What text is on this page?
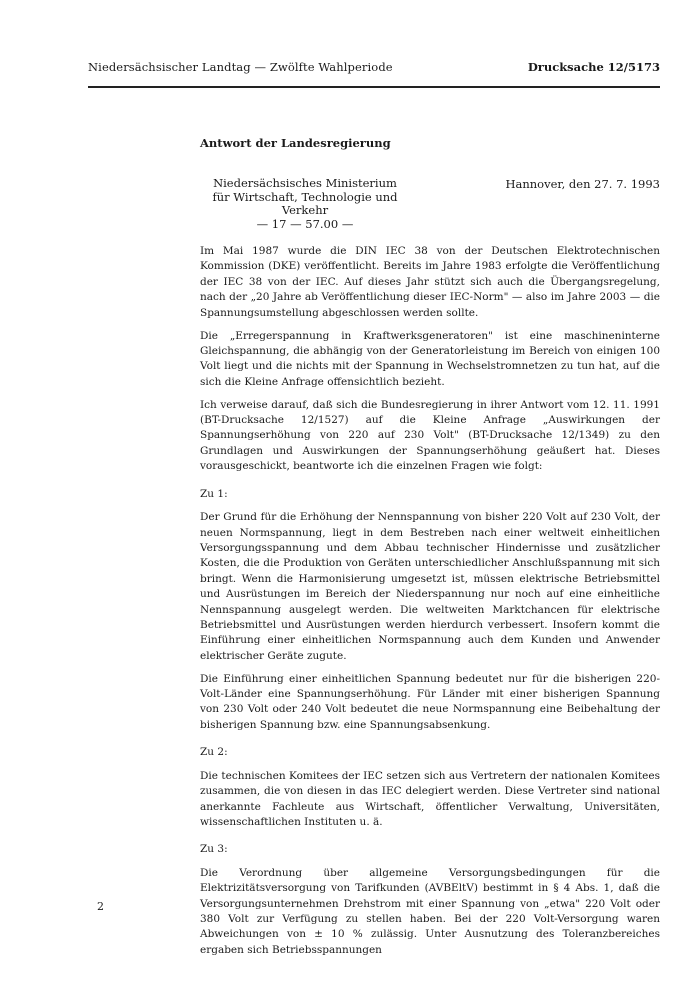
Niedersächsischer Landtag — Zwölfte Wahlperiode	Drucksache 12/5173
Antwort der Landesregierung
Niedersächsisches Ministerium
für Wirtschaft, Technologie und Verkehr
— 17 — 57.00 —
Hannover, den 27. 7. 1993

Im Mai 1987 wurde die DIN IEC 38 von der Deutschen Elektrotechnischen Kommission (DKE) veröffentlicht. Bereits im Jahre 1983 erfolgte die Veröffentlichung der IEC 38 von der IEC. Auf dieses Jahr stützt sich auch die Übergangsregelung, nach der „20 Jahre ab Veröffentlichung dieser IEC-Norm" — also im Jahre 2003 — die Spannungsumstellung abgeschlossen werden sollte.

Die „Erregerspannung in Kraftwerksgeneratoren" ist eine maschineninterne Gleichspannung, die abhängig von der Generatorleistung im Bereich von einigen 100 Volt liegt und die nichts mit der Spannung in Wechselstromnetzen zu tun hat, auf die sich die Kleine Anfrage offensichtlich bezieht.

Ich verweise darauf, daß sich die Bundesregierung in ihrer Antwort vom 12. 11. 1991 (BT-Drucksache 12/1527) auf die Kleine Anfrage „Auswirkungen der Spannungserhöhung von 220 auf 230 Volt" (BT-Drucksache 12/1349) zu den Grundlagen und Auswirkungen der Spannungserhöhung geäußert hat. Dieses vorausgeschickt, beantworte ich die einzelnen Fragen wie folgt:

Zu 1:

Der Grund für die Erhöhung der Nennspannung von bisher 220 Volt auf 230 Volt, der neuen Normspannung, liegt in dem Bestreben nach einer weltweit einheitlichen Versorgungsspannung und dem Abbau technischer Hindernisse und zusätzlicher Kosten, die die Produktion von Geräten unterschiedlicher Anschlußspannung mit sich bringt. Wenn die Harmonisierung umgesetzt ist, müssen elektrische Betriebsmittel und Ausrüstungen im Bereich der Niederspannung nur noch auf eine einheitliche Nennspannung ausgelegt werden. Die weltweiten Marktchancen für elektrische Betriebsmittel und Ausrüstungen werden hierdurch verbessert. Insofern kommt die Einführung einer einheitlichen Normspannung auch dem Kunden und Anwender elektrischer Geräte zugute.

Die Einführung einer einheitlichen Spannung bedeutet nur für die bisherigen 220-Volt-Länder eine Spannungserhöhung. Für Länder mit einer bisherigen Spannung von 230 Volt oder 240 Volt bedeutet die neue Normspannung eine Beibehaltung der bisherigen Spannung bzw. eine Spannungsabsenkung.

Zu 2:

Die technischen Komitees der IEC setzen sich aus Vertretern der nationalen Komitees zusammen, die von diesen in das IEC delegiert werden. Diese Vertreter sind national anerkannte Fachleute aus Wirtschaft, öffentlicher Verwaltung, Universitäten, wissenschaftlichen Instituten u. ä.

Zu 3:

Die Verordnung über allgemeine Versorgungsbedingungen für die Elektrizitätsversorgung von Tarifkunden (AVBEltV) bestimmt in § 4 Abs. 1, daß die Versorgungsunternehmen Drehstrom mit einer Spannung von „etwa" 220 Volt oder 380 Volt zur Verfügung zu stellen haben. Bei der 220 Volt-Versorgung waren Abweichungen von ± 10 % zulässig. Unter Ausnutzung des Toleranzbereiches ergaben sich Betriebsspannungen

2
